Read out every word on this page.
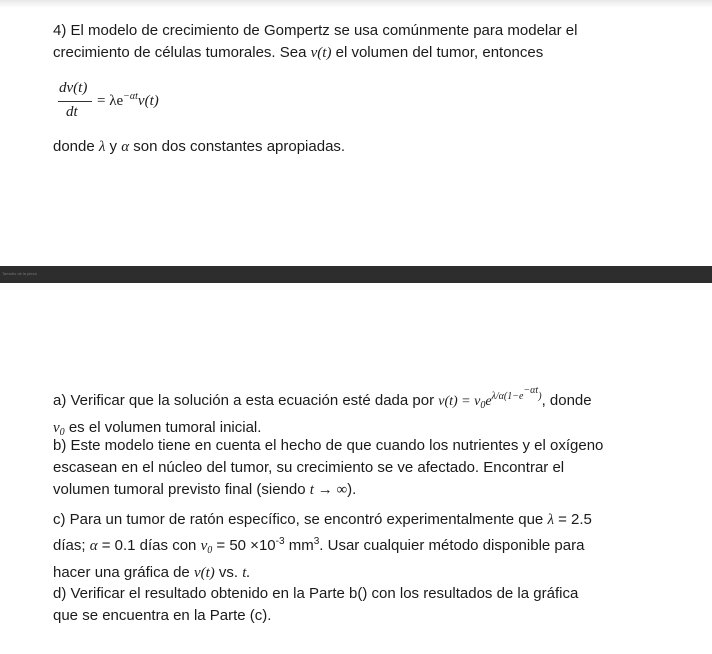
4) El modelo de crecimiento de Gompertz se usa comúnmente para modelar el
crecimiento de células tumorales. Sea v(t) el volumen del tumor, entonces
dv(t)
dt
= $\lambda e^{-\alpha t}v(t)$
donde λ y α son dos constantes apropiadas.
Tamaño de la pieza
a) Verificar que la solución a esta ecuación esté dada por $v(t) = v_0e^{\lambda/\alpha(1-e^{-\alpha t})}$, donde
$v_0$ es el volumen tumoral inicial.
b) Este modelo tiene en cuenta el hecho de que cuando los nutrientes y el oxígeno
escasean en el núcleo del tumor, su crecimiento se ve afectado. Encontrar el
volumen tumoral previsto final (siendo t → ∞).
c) Para un tumor de ratón específico, se encontró experimentalmente que λ = 2.5
días; α = 0.1 días con $v_0 = 50 \times 10^{-3}$ $mm^3$. Usar cualquier método disponible para
hacer una gráfica de v(t) vs. t.
d) Verificar el resultado obtenido en la Parte b() con los resultados de la gráfica
que se encuentra en la Parte (c).
